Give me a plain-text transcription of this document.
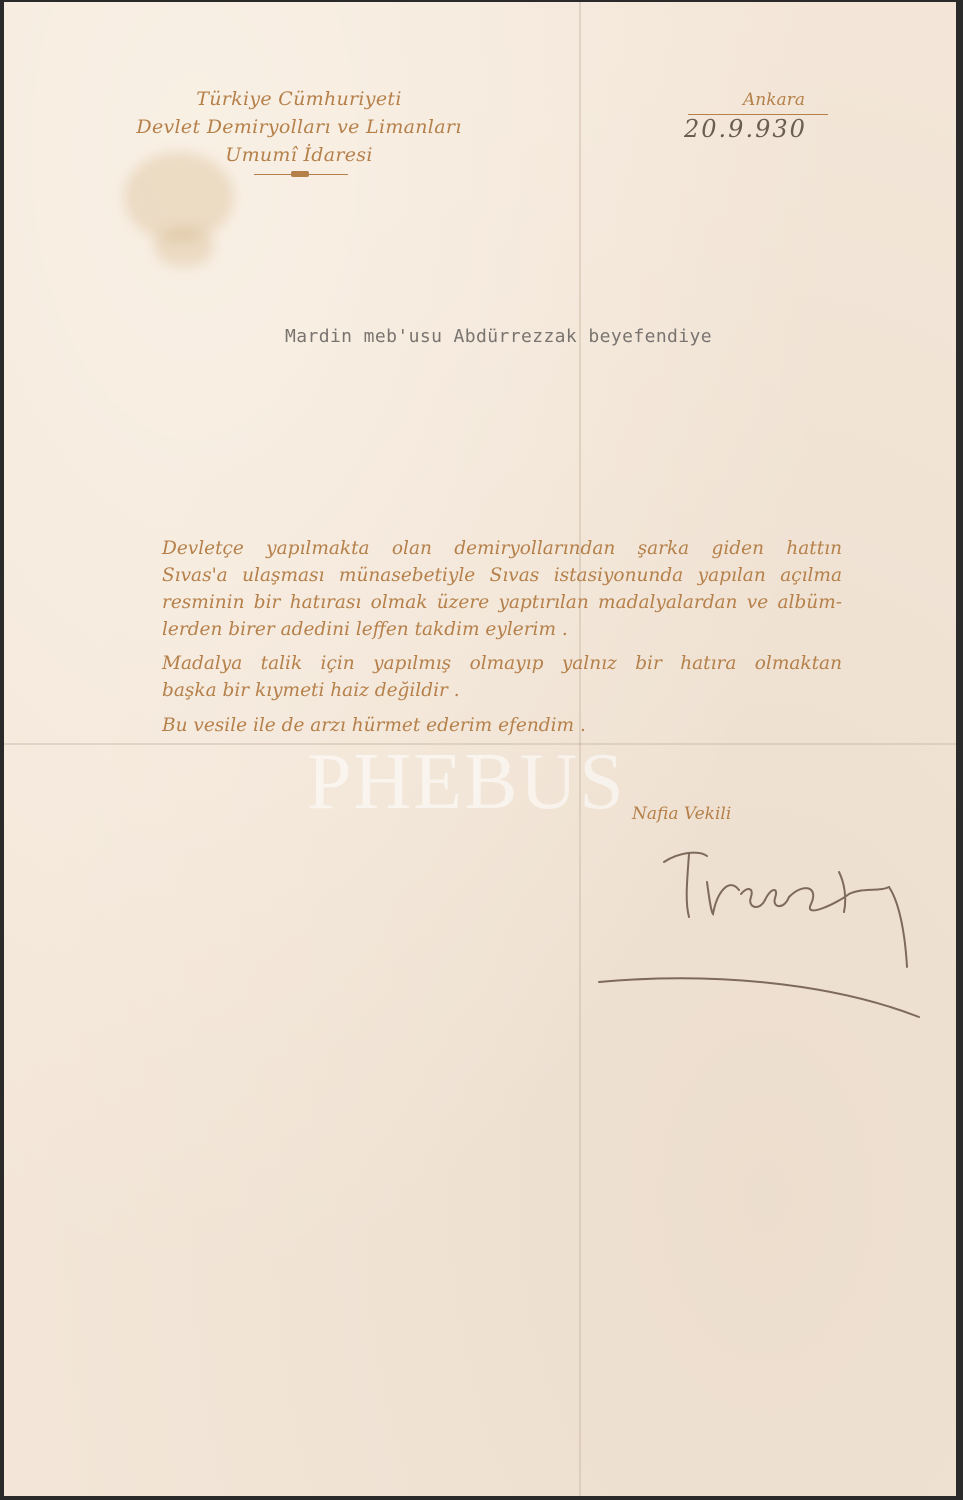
Türkiye Cümhuriyeti
Devlet Demiryolları ve Limanları
Umumî İdaresi
Ankara
20.9.930
Mardin meb'usu Abdürrezzak beyefendiye
Devletçe yapılmakta olan demiryollarından şarka giden hattın
Sıvas'a ulaşması münasebetiyle Sıvas istasiyonunda yapılan açılma
resminin bir hatırası olmak üzere yaptırılan madalyalardan ve albüm-
lerden birer adedini leffen takdim eylerim .
Madalya talik için yapılmış olmayıp yalnız bir hatıra olmaktan
başka bir kıymeti haiz değildir .
Bu vesile ile de arzı hürmet ederim efendim .
PHEBUS Nafia Vekili
